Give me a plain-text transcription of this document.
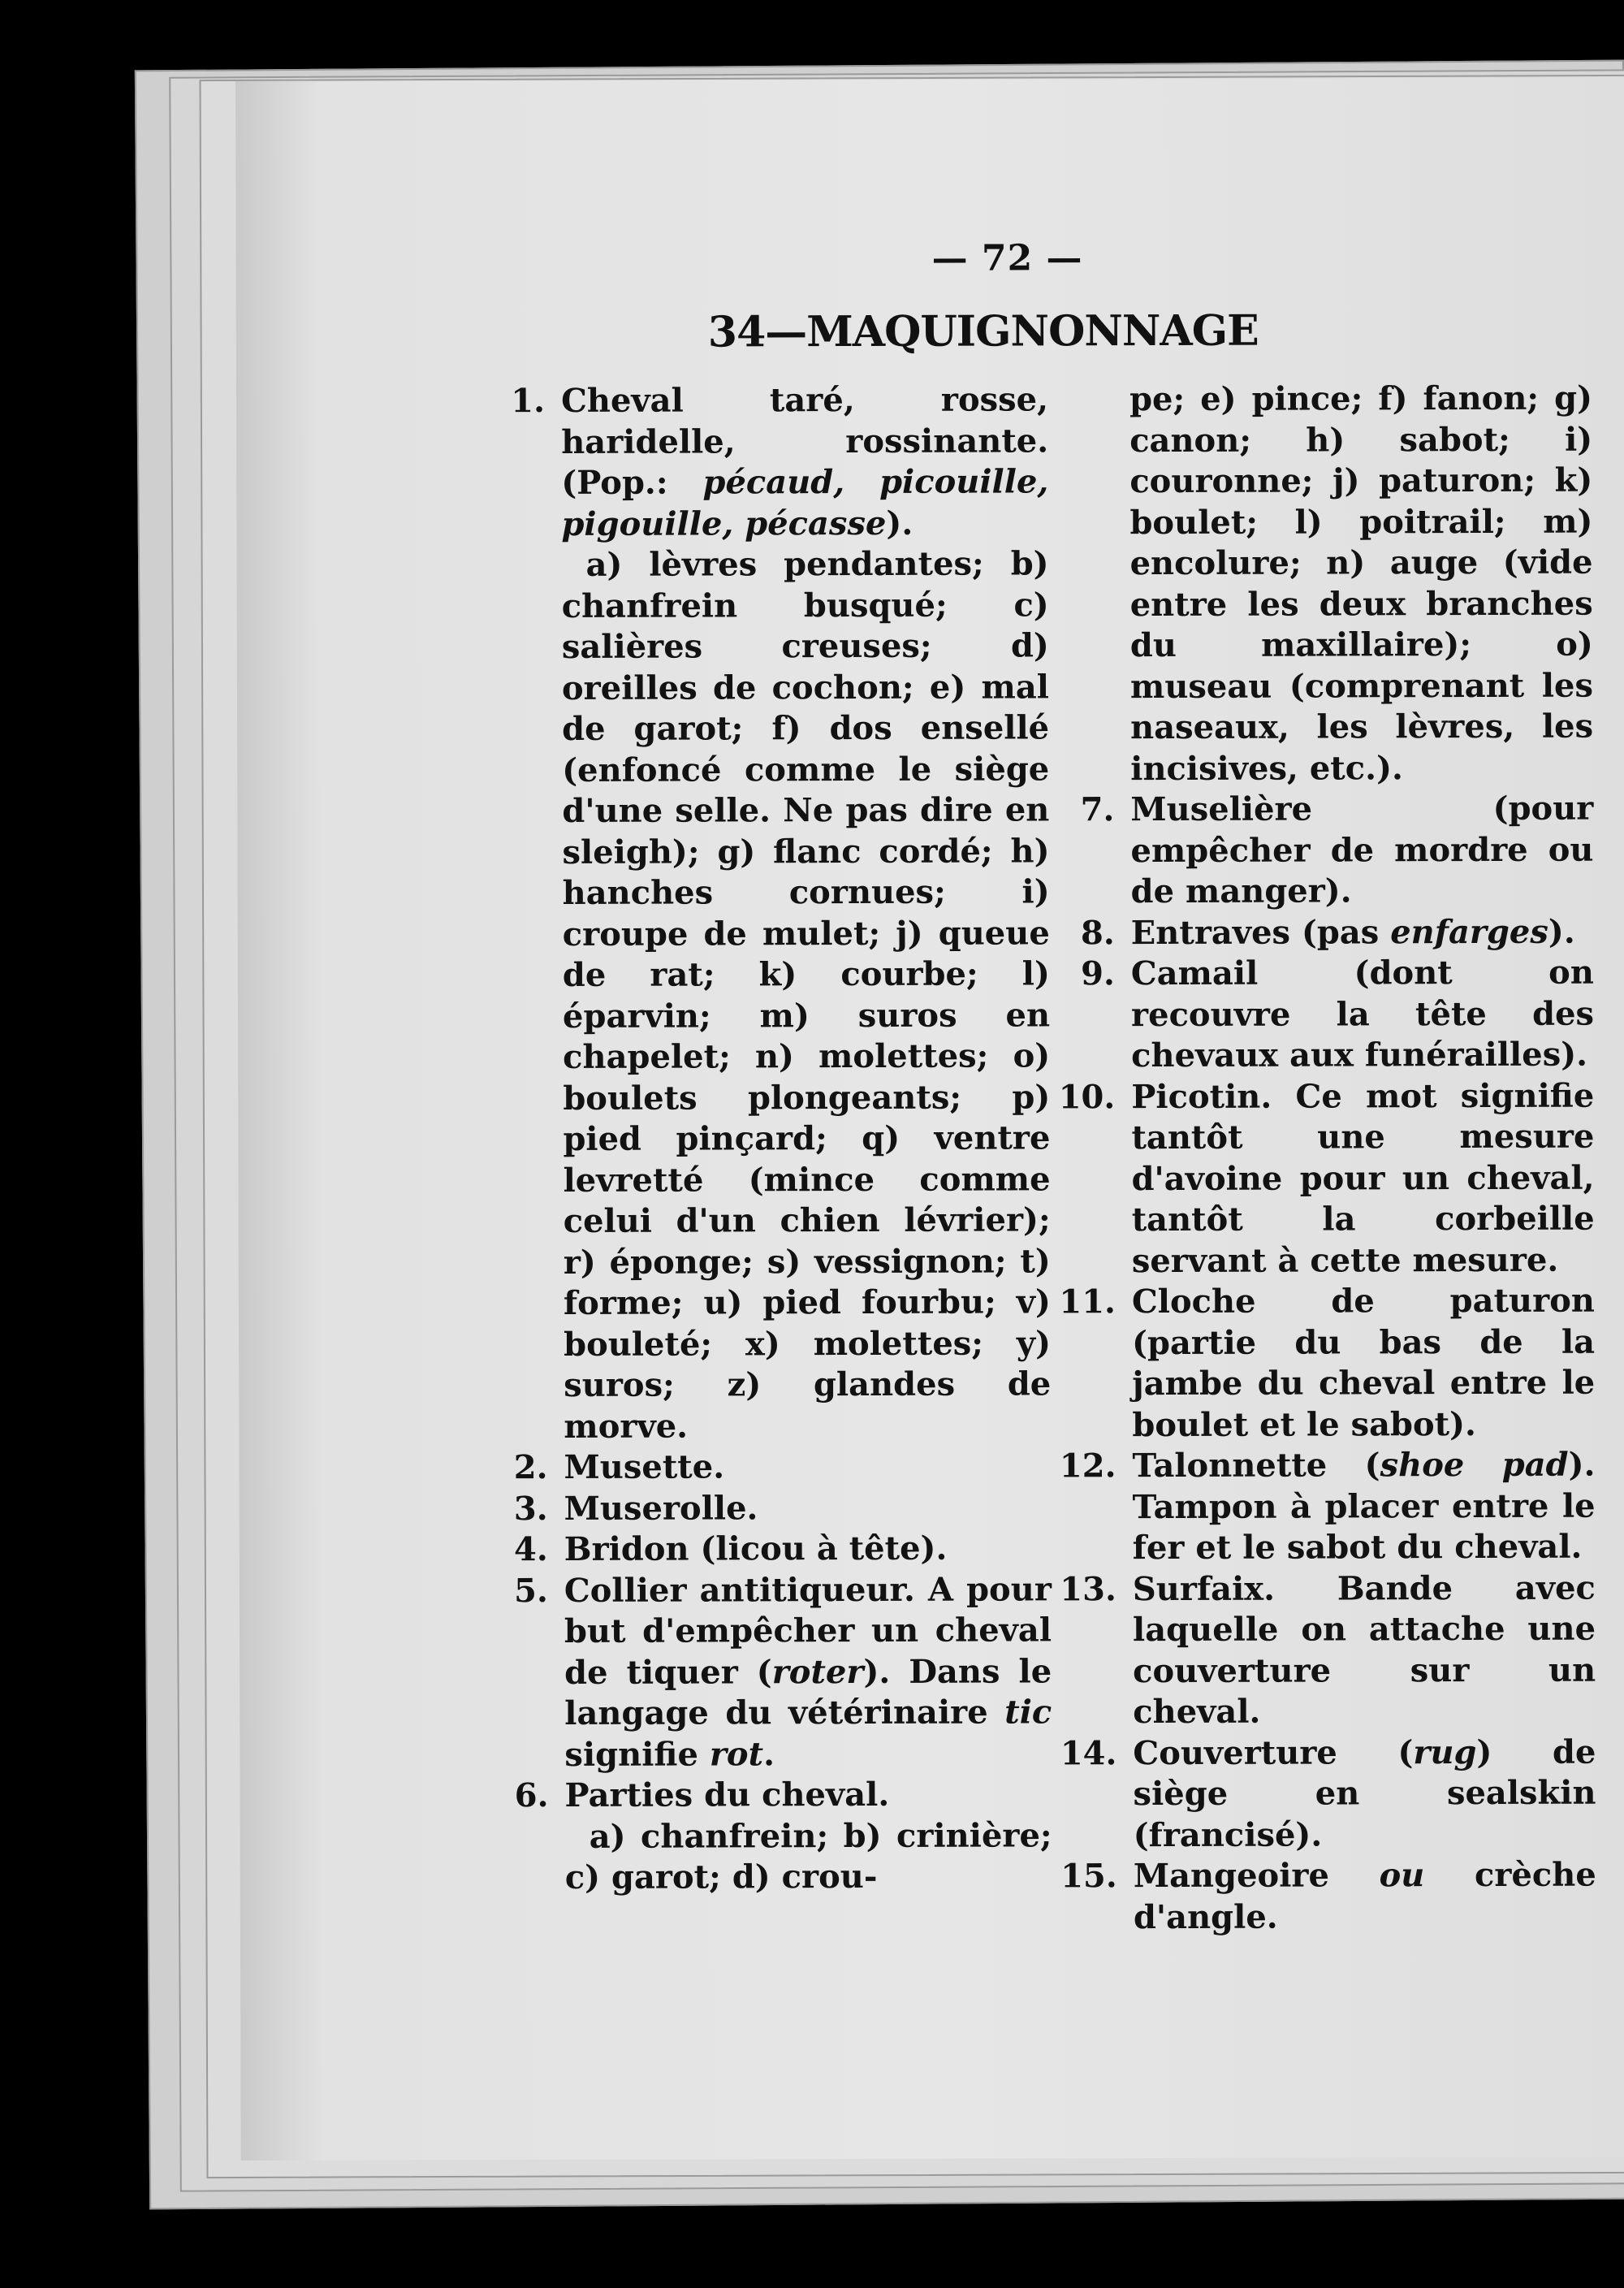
— 72 —
34—MAQUIGNONNAGE
1. Cheval taré, rosse, haridelle, rossinante. (Pop.: pécaud, picouille, pigouille, pécasse).
a) lèvres pendantes; b) chanfrein busqué; c) salières creuses; d) oreilles de cochon; e) mal de garot; f) dos ensellé (enfoncé comme le siège d'une selle. Ne pas dire en sleigh); g) flanc cordé; h) hanches cornues; i) croupe de mulet; j) queue de rat; k) courbe; l) éparvin; m) suros en chapelet; n) molettes; o) boulets plongeants; p) pied pinçard; q) ventre levretté (mince comme celui d'un chien lévrier); r) éponge; s) vessignon; t) forme; u) pied fourbu; v) bouleté; x) molettes; y) suros; z) glandes de morve.
2. Musette.
3. Muserolle.
4. Bridon (licou à tête).
5. Collier antitiqueur. A pour but d'empêcher un cheval de tiquer (roter). Dans le langage du vétérinaire tic signifie rot.
6. Parties du cheval.
a) chanfrein; b) crinière; c) garot; d) crou-
pe; e) pince; f) fanon; g) canon; h) sabot; i) couronne; j) paturon; k) boulet; l) poitrail; m) encolure; n) auge (vide entre les deux branches du maxillaire); o) museau (comprenant les naseaux, les lèvres, les incisives, etc.).
7. Muselière (pour empêcher de mordre ou de manger).
8. Entraves (pas enfarges).
9. Camail (dont on recouvre la tête des chevaux aux funérailles).
10. Picotin. Ce mot signifie tantôt une mesure d'avoine pour un cheval, tantôt la corbeille servant à cette mesure.
11. Cloche de paturon (partie du bas de la jambe du cheval entre le boulet et le sabot).
12. Talonnette (shoe pad). Tampon à placer entre le fer et le sabot du cheval.
13. Surfaix. Bande avec laquelle on attache une couverture sur un cheval.
14. Couverture (rug) de siège en sealskin (francisé).
15. Mangeoire ou crèche d'angle.
